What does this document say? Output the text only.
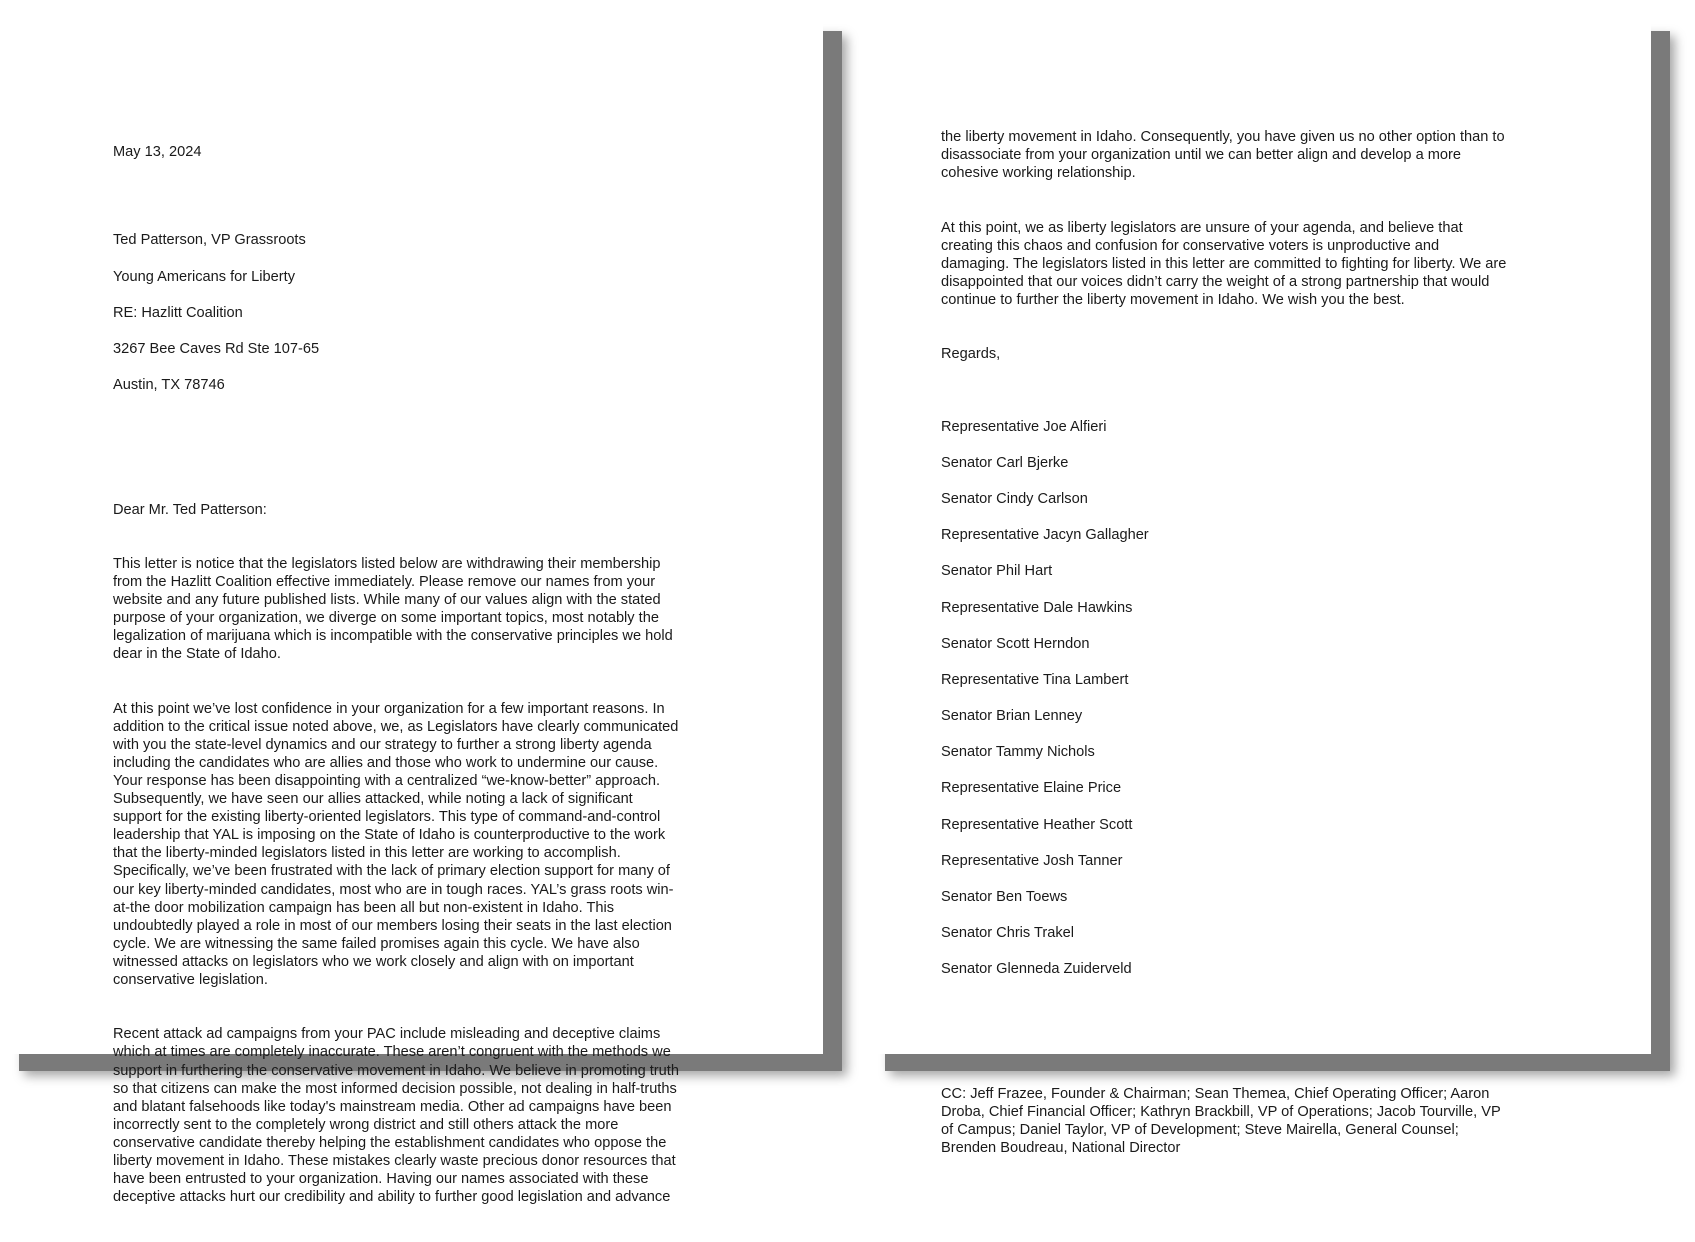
May 13, 2024

Ted Patterson, VP Grassroots

Young Americans for Liberty

RE: Hazlitt Coalition

3267 Bee Caves Rd Ste 107-65

Austin, TX 78746

Dear Mr. Ted Patterson:

This letter is notice that the legislators listed below are withdrawing their membership
from the Hazlitt Coalition effective immediately. Please remove our names from your
website and any future published lists. While many of our values align with the stated
purpose of your organization, we diverge on some important topics, most notably the
legalization of marijuana which is incompatible with the conservative principles we hold
dear in the State of Idaho.

At this point we’ve lost confidence in your organization for a few important reasons. In
addition to the critical issue noted above, we, as Legislators have clearly communicated
with you the state-level dynamics and our strategy to further a strong liberty agenda
including the candidates who are allies and those who work to undermine our cause.
Your response has been disappointing with a centralized “we-know-better” approach.
Subsequently, we have seen our allies attacked, while noting a lack of significant
support for the existing liberty-oriented legislators. This type of command-and-control
leadership that YAL is imposing on the State of Idaho is counterproductive to the work
that the liberty-minded legislators listed in this letter are working to accomplish.
Specifically, we’ve been frustrated with the lack of primary election support for many of
our key liberty-minded candidates, most who are in tough races. YAL’s grass roots win-
at-the door mobilization campaign has been all but non-existent in Idaho. This
undoubtedly played a role in most of our members losing their seats in the last election
cycle. We are witnessing the same failed promises again this cycle. We have also
witnessed attacks on legislators who we work closely and align with on important
conservative legislation.

Recent attack ad campaigns from your PAC include misleading and deceptive claims
which at times are completely inaccurate. These aren’t congruent with the methods we
support in furthering the conservative movement in Idaho. We believe in promoting truth
so that citizens can make the most informed decision possible, not dealing in half-truths
and blatant falsehoods like today's mainstream media. Other ad campaigns have been
incorrectly sent to the completely wrong district and still others attack the more
conservative candidate thereby helping the establishment candidates who oppose the
liberty movement in Idaho. These mistakes clearly waste precious donor resources that
have been entrusted to your organization. Having our names associated with these
deceptive attacks hurt our credibility and ability to further good legislation and advance

the liberty movement in Idaho. Consequently, you have given us no other option than to
disassociate from your organization until we can better align and develop a more
cohesive working relationship.

At this point, we as liberty legislators are unsure of your agenda, and believe that
creating this chaos and confusion for conservative voters is unproductive and
damaging. The legislators listed in this letter are committed to fighting for liberty. We are
disappointed that our voices didn’t carry the weight of a strong partnership that would
continue to further the liberty movement in Idaho. We wish you the best.

Regards,

Representative Joe Alfieri

Senator Carl Bjerke

Senator Cindy Carlson

Representative Jacyn Gallagher

Senator Phil Hart

Representative Dale Hawkins

Senator Scott Herndon

Representative Tina Lambert

Senator Brian Lenney

Senator Tammy Nichols

Representative Elaine Price

Representative Heather Scott

Representative Josh Tanner

Senator Ben Toews

Senator Chris Trakel

Senator Glenneda Zuiderveld

CC: Jeff Frazee, Founder & Chairman; Sean Themea, Chief Operating Officer; Aaron
Droba, Chief Financial Officer; Kathryn Brackbill, VP of Operations; Jacob Tourville, VP
of Campus; Daniel Taylor, VP of Development; Steve Mairella, General Counsel;
Brenden Boudreau, National Director
